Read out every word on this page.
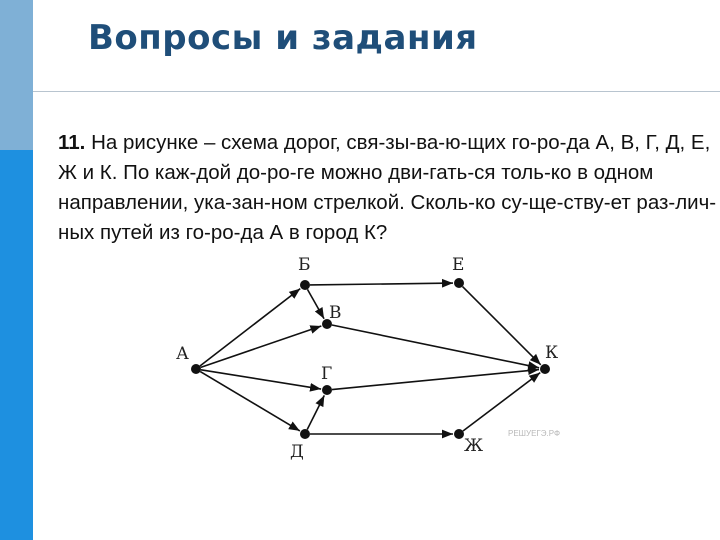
Вопросы и задания
11. На рисунке – схема дорог, свя-зы-ва-ю-щих го-ро-да А, В, Г, Д, Е, Ж и К. По каж-дой до-ро-ге можно дви-гать-ся толь-ко в одном направлении, ука-зан-ном стрелкой. Сколь-ко су-ще-ству-ет раз-лич-ных путей из го-ро-да А в город К?
А
Б
В
Г
Д
Е
Ж
К
РЕШУЕГЭ.РФ
